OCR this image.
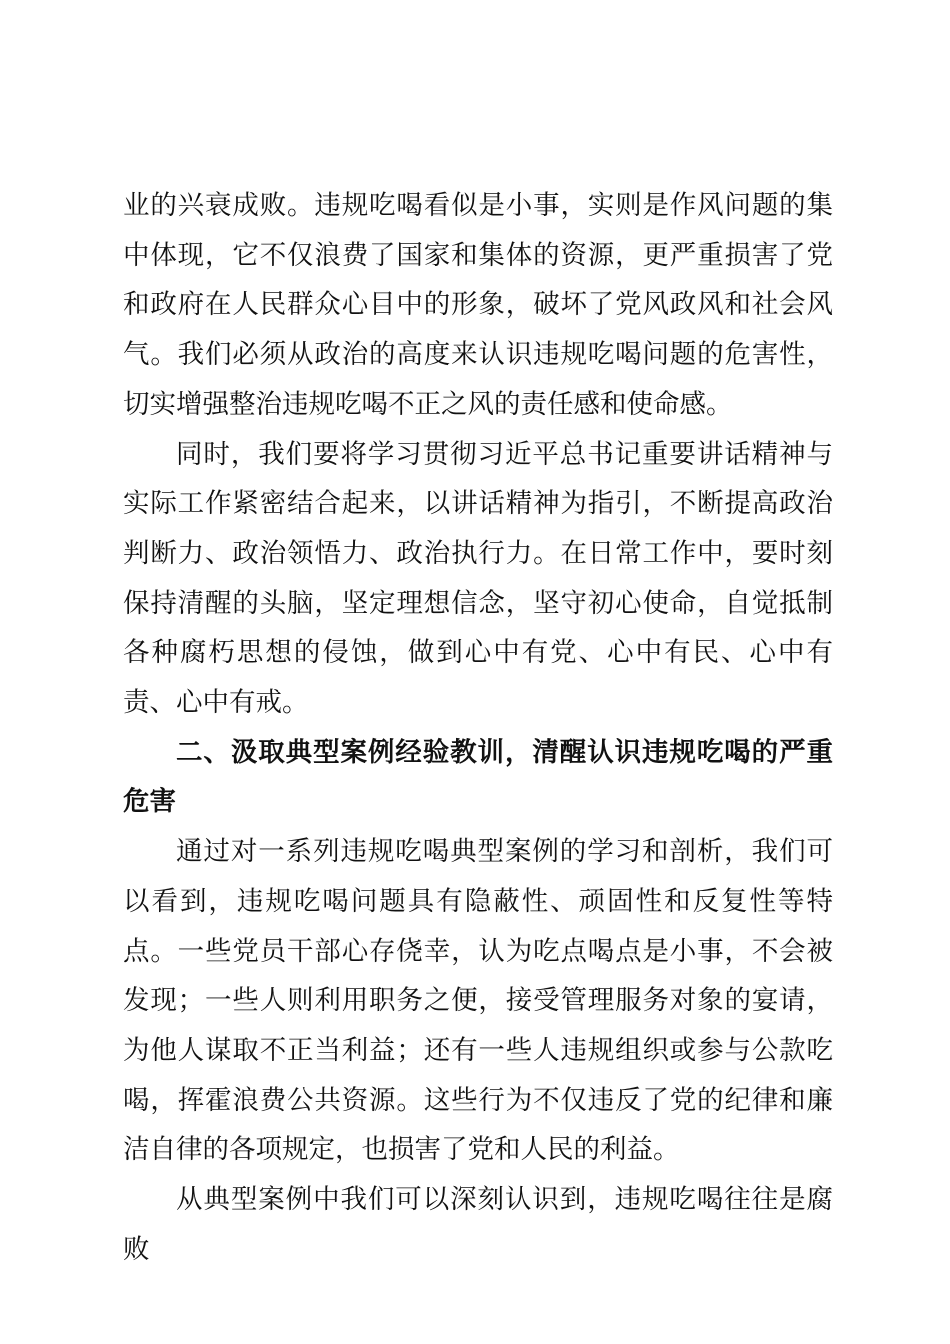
业的兴衰成败。违规吃喝看似是小事，实则是作风问题的集中体现，它不仅浪费了国家和集体的资源，更严重损害了党和政府在人民群众心目中的形象，破坏了党风政风和社会风气。我们必须从政治的高度来认识违规吃喝问题的危害性，切实增强整治违规吃喝不正之风的责任感和使命感。

同时，我们要将学习贯彻习近平总书记重要讲话精神与实际工作紧密结合起来，以讲话精神为指引，不断提高政治判断力、政治领悟力、政治执行力。在日常工作中，要时刻保持清醒的头脑，坚定理想信念，坚守初心使命，自觉抵制各种腐朽思想的侵蚀，做到心中有党、心中有民、心中有责、心中有戒。

二、汲取典型案例经验教训，清醒认识违规吃喝的严重危害

通过对一系列违规吃喝典型案例的学习和剖析，我们可以看到，违规吃喝问题具有隐蔽性、顽固性和反复性等特点。一些党员干部心存侥幸，认为吃点喝点是小事，不会被发现；一些人则利用职务之便，接受管理服务对象的宴请，为他人谋取不正当利益；还有一些人违规组织或参与公款吃喝，挥霍浪费公共资源。这些行为不仅违反了党的纪律和廉洁自律的各项规定，也损害了党和人民的利益。

从典型案例中我们可以深刻认识到，违规吃喝往往是腐败
